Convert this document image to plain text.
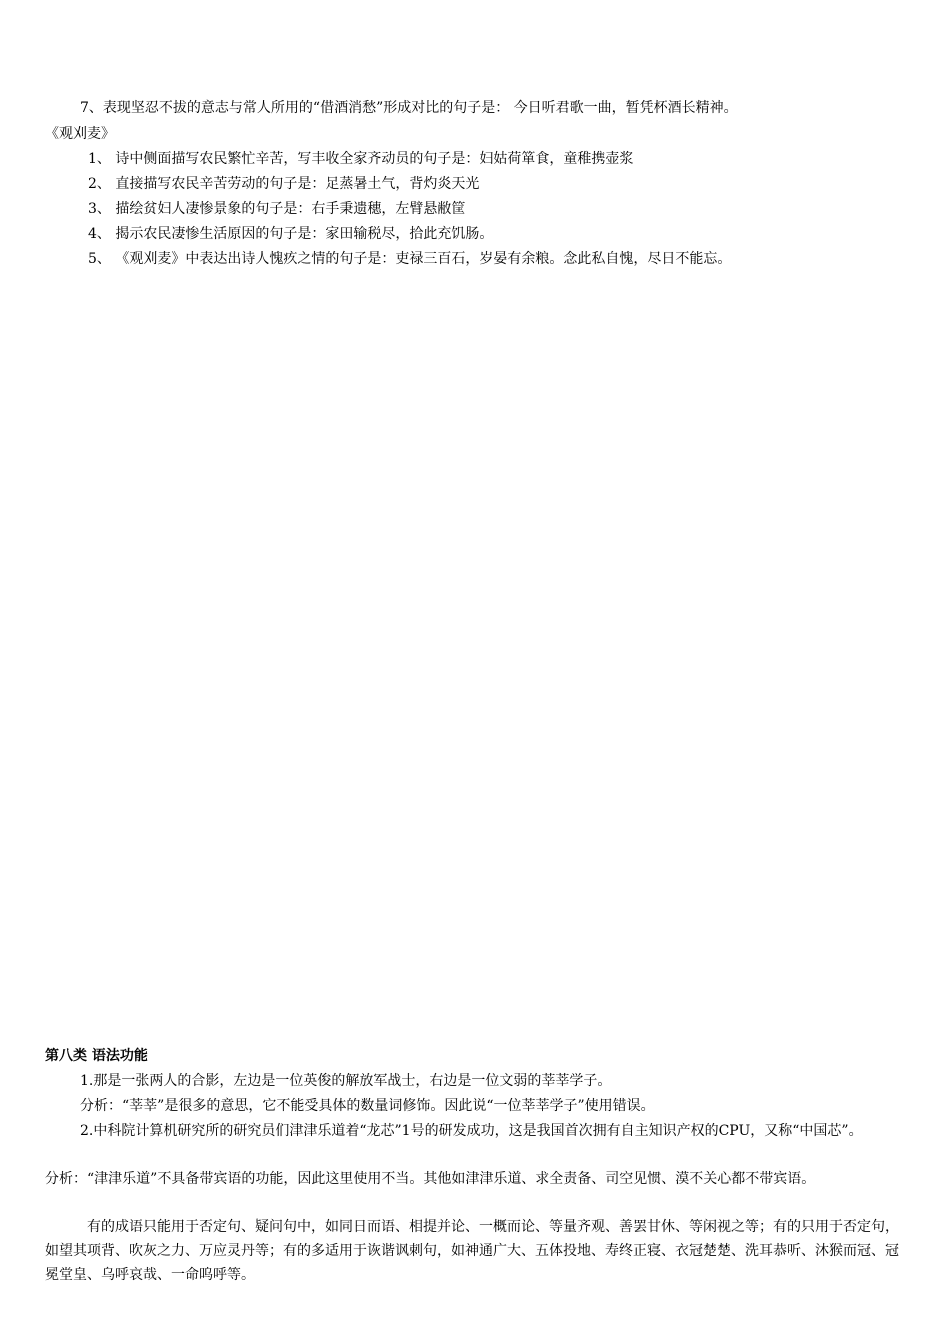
7、表现坚忍不拔的意志与常人所用的“借酒消愁”形成对比的句子是： 今日听君歌一曲，暂凭杯酒长精神。
《观刈麦》
1、 诗中侧面描写农民繁忙辛苦，写丰收全家齐动员的句子是：妇姑荷箪食，童稚携壶浆
2、 直接描写农民辛苦劳动的句子是：足蒸暑土气，背灼炎天光
3、 描绘贫妇人凄惨景象的句子是：右手秉遗穗，左臂悬敝筐
4、 揭示农民凄惨生活原因的句子是：家田输税尽，拾此充饥肠。
5、 《观刈麦》中表达出诗人愧疚之情的句子是：吏禄三百石，岁晏有余粮。念此私自愧，尽日不能忘。
第八类 语法功能
1.那是一张两人的合影，左边是一位英俊的解放军战士，右边是一位文弱的莘莘学子。
分析：“莘莘”是很多的意思，它不能受具体的数量词修饰。因此说“一位莘莘学子”使用错误。
2.中科院计算机研究所的研究员们津津乐道着“龙芯”1号的研发成功，这是我国首次拥有自主知识产权的CPU，又称“中国芯”。
分析：“津津乐道”不具备带宾语的功能，因此这里使用不当。其他如津津乐道、求全责备、司空见惯、漠不关心都不带宾语。
有的成语只能用于否定句、疑问句中，如同日而语、相提并论、一概而论、等量齐观、善罢甘休、等闲视之等；有的只用于否定句，如望其项背、吹灰之力、万应灵丹等；有的多适用于诙谐讽刺句，如神通广大、五体投地、寿终正寝、衣冠楚楚、洗耳恭听、沐猴而冠、冠冕堂皇、乌呼哀哉、一命呜呼等。
